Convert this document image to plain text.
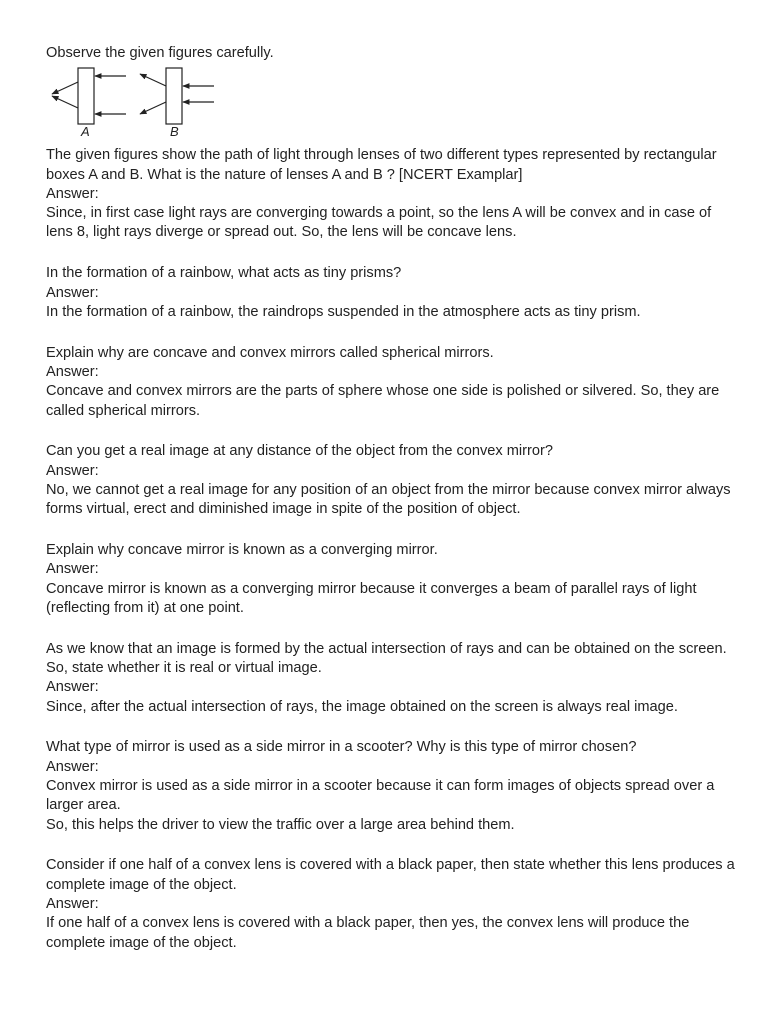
Observe the given figures carefully.

A	B

The given figures show the path of light through lenses of two different types represented by rectangular boxes A and B. What is the nature of lenses A and B ? [NCERT Examplar]

Answer:

Since, in first case light rays are converging towards a point, so the lens A will be convex and in case of lens 8, light rays diverge or spread out. So, the lens will be concave lens.

In the formation of a rainbow, what acts as tiny prisms?

Answer:

In the formation of a rainbow, the raindrops suspended in the atmosphere acts as tiny prism.

Explain why are concave and convex mirrors called spherical mirrors.

Answer:

Concave and convex mirrors are the parts of sphere whose one side is polished or silvered. So, they are called spherical mirrors.

Can you get a real image at any distance of the object from the convex mirror?

Answer:

No, we cannot get a real image for any position of an object from the mirror because convex mirror always forms virtual, erect and diminished image in spite of the position of object.

Explain why concave mirror is known as a converging mirror.

Answer:

Concave mirror is known as a converging mirror because it converges a beam of parallel rays of light (reflecting from it) at one point.

As we know that an image is formed by the actual intersection of rays and can be obtained on the screen. So, state whether it is real or virtual image.

Answer:

Since, after the actual intersection of rays, the image obtained on the screen is always real image.

What type of mirror is used as a side mirror in a scooter? Why is this type of mirror chosen?

Answer:

Convex mirror is used as a side mirror in a scooter because it can form images of objects spread over a larger area.

So, this helps the driver to view the traffic over a large area behind them.

Consider if one half of a convex lens is covered with a black paper, then state whether this lens produces a complete image of the object.

Answer:

If one half of a convex lens is covered with a black paper, then yes, the convex lens will produce the complete image of the object.
